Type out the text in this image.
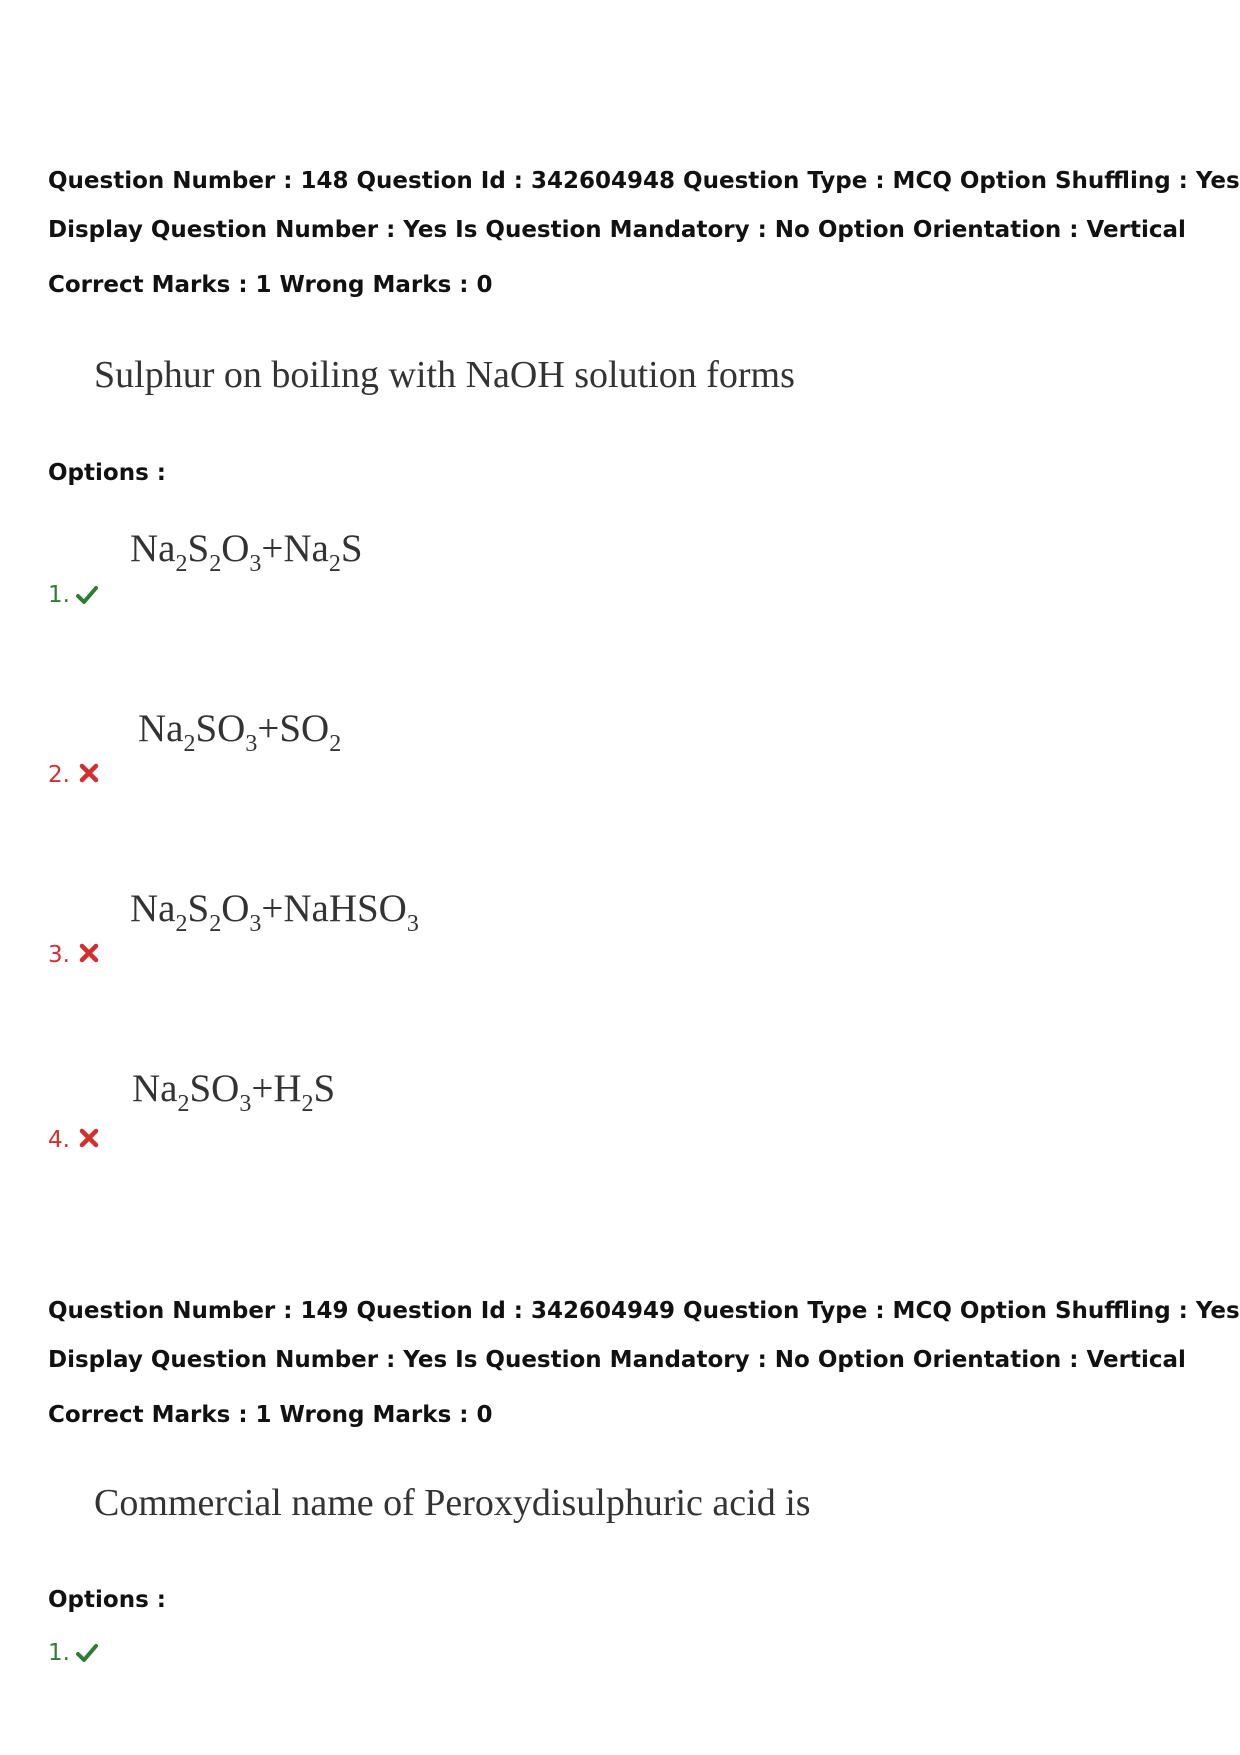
Question Number : 148 Question Id : 342604948 Question Type : MCQ Option Shuffling : Yes
Display Question Number : Yes Is Question Mandatory : No Option Orientation : Vertical
Correct Marks : 1 Wrong Marks : 0
Sulphur on boiling with NaOH solution forms
Options :
$Na_2S_2O_3+Na_2S$
1.
$Na_2SO_3+SO_2$
2.
$Na_2S_2O_3+NaHSO_3$
3.
$Na_2SO_3+H_2S$
4.
Question Number : 149 Question Id : 342604949 Question Type : MCQ Option Shuffling : Yes
Display Question Number : Yes Is Question Mandatory : No Option Orientation : Vertical
Correct Marks : 1 Wrong Marks : 0
Commercial name of Peroxydisulphuric acid is
Options :
1.
